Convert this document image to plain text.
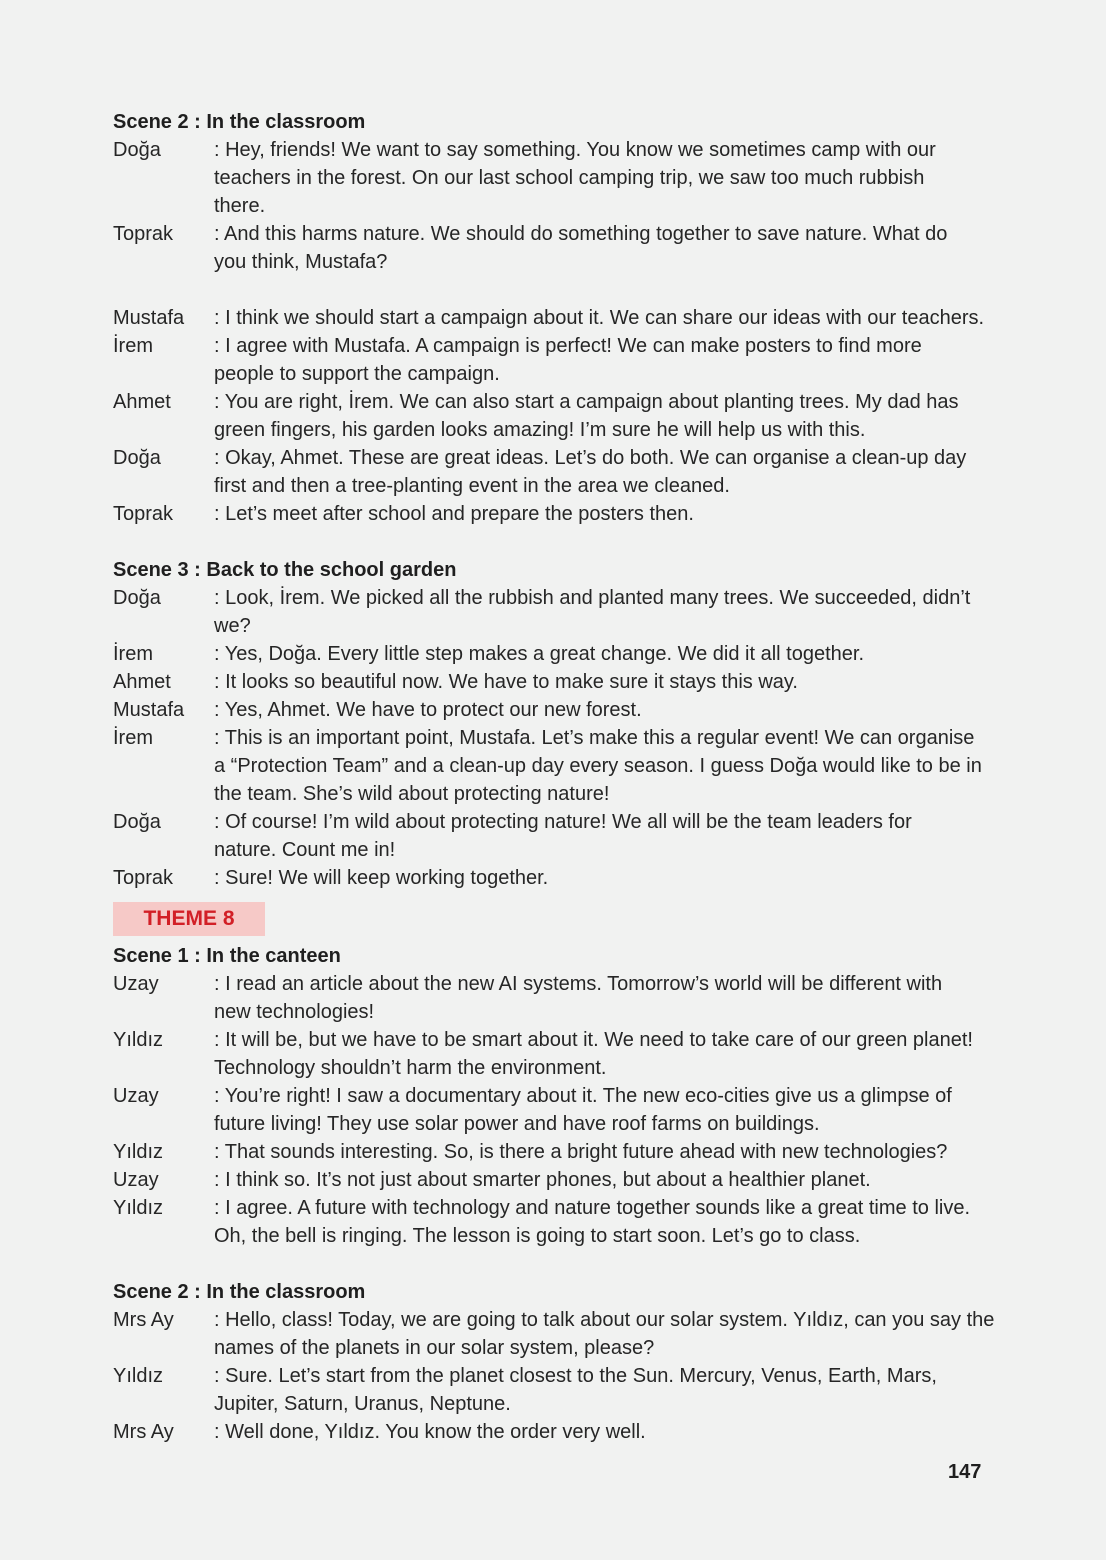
Scene 2 : In the classroom
Doğa	: Hey, friends! We want to say something. You know we sometimes camp with our
teachers in the forest. On our last school camping trip, we saw too much rubbish
there.
Toprak	: And this harms nature. We should do something together to save nature. What do
you think, Mustafa?
Mustafa	: I think we should start a campaign about it. We can share our ideas with our teachers.
İrem	: I agree with Mustafa. A campaign is perfect! We can make posters to find more
people to support the campaign.
Ahmet	: You are right, İrem. We can also start a campaign about planting trees. My dad has
green fingers, his garden looks amazing! I’m sure he will help us with this.
Doğa	: Okay, Ahmet. These are great ideas. Let’s do both. We can organise a clean-up day
first and then a tree-planting event in the area we cleaned.
Toprak	: Let’s meet after school and prepare the posters then.
Scene 3 : Back to the school garden
Doğa	: Look, İrem. We picked all the rubbish and planted many trees. We succeeded, didn’t
we?
İrem	: Yes, Doğa. Every little step makes a great change. We did it all together.
Ahmet	: It looks so beautiful now. We have to make sure it stays this way.
Mustafa	: Yes, Ahmet. We have to protect our new forest.
İrem	: This is an important point, Mustafa. Let’s make this a regular event! We can organise
a “Protection Team” and a clean-up day every season. I guess Doğa would like to be in
the team. She’s wild about protecting nature!
Doğa	: Of course! I’m wild about protecting nature! We all will be the team leaders for
nature. Count me in!
Toprak	: Sure! We will keep working together.
THEME 8
Scene 1 : In the canteen
Uzay	: I read an article about the new AI systems. Tomorrow’s world will be different with
new technologies!
Yıldız	: It will be, but we have to be smart about it. We need to take care of our green planet!
Technology shouldn’t harm the environment.
Uzay	: You’re right! I saw a documentary about it. The new eco-cities give us a glimpse of
future living! They use solar power and have roof farms on buildings.
Yıldız	: That sounds interesting. So, is there a bright future ahead with new technologies?
Uzay	: I think so. It’s not just about smarter phones, but about a healthier planet.
Yıldız	: I agree. A future with technology and nature together sounds like a great time to live.
Oh, the bell is ringing. The lesson is going to start soon. Let’s go to class.
Scene 2 : In the classroom
Mrs Ay	: Hello, class! Today, we are going to talk about our solar system. Yıldız, can you say the
names of the planets in our solar system, please?
Yıldız	: Sure. Let’s start from the planet closest to the Sun. Mercury, Venus, Earth, Mars,
Jupiter, Saturn, Uranus, Neptune.
Mrs Ay	: Well done, Yıldız. You know the order very well.
147
